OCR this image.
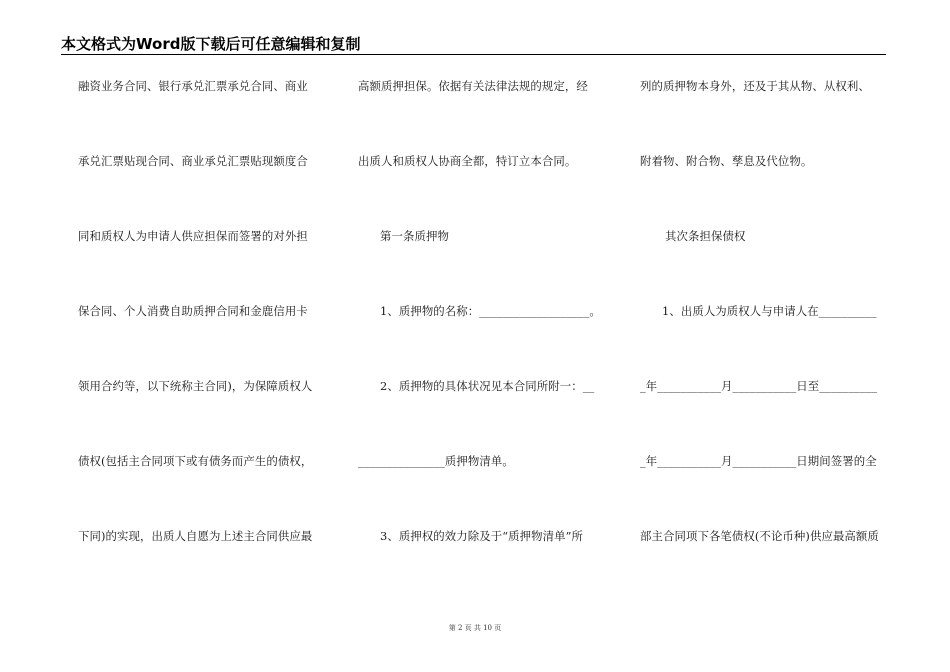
本文格式为Word版下载后可任意编辑和复制
融资业务合同、银行承兑汇票承兑合同、商业
承兑汇票贴现合同、商业承兑汇票贴现额度合
同和质权人为申请人供应担保而签署的对外担
保合同、个人消费自助质押合同和金鹿信用卡
领用合约等，以下统称主合同)，为保障质权人
债权(包括主合同项下或有债务而产生的债权，
下同)的实现，出质人自愿为上述主合同供应最
高额质押担保。依据有关法律法规的规定，经
出质人和质权人协商全都，特订立本合同。
第一条质押物
1、质押物的名称：___________________。
2、质押物的具体状况见本合同所附一：__
_______________质押物清单。
3、质押权的效力除及于“质押物清单”所
列的质押物本身外，还及于其从物、从权利、
附着物、附合物、孳息及代位物。
其次条担保债权
1、出质人为质权人与申请人在__________
_年___________月___________日至__________
_年___________月___________日期间签署的全
部主合同项下各笔债权(不论币种)供应最高额质
第 2 页 共 10 页
